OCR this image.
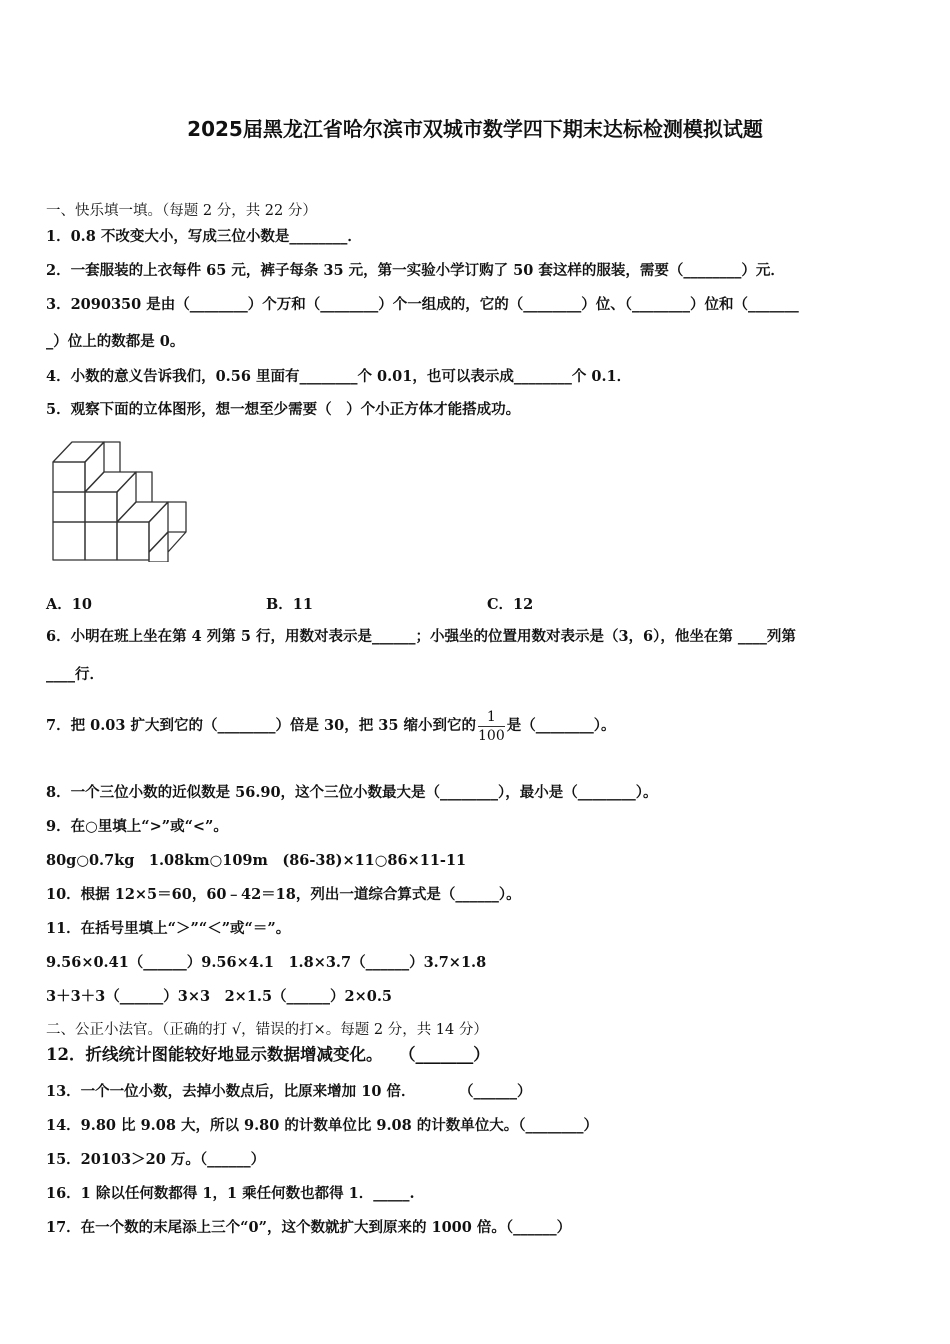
2025届黑龙江省哈尔滨市双城市数学四下期末达标检测模拟试题
一、快乐填一填。（每题 2 分，共 22 分）
1．0.8 不改变大小，写成三位小数是________．
2．一套服装的上衣每件 65 元，裤子每条 35 元，第一实验小学订购了 50 套这样的服装，需要（________）元．
3．2090350 是由（________）个万和（________）个一组成的，它的（________）位、（________）位和（_______
_）位上的数都是 0。
4．小数的意义告诉我们，0.56 里面有________个 0.01，也可以表示成________个 0.1．
5．观察下面的立体图形，想一想至少需要（　）个小正方体才能搭成功。
A．10	B．11	C．12
6．小明在班上坐在第 4 列第 5 行，用数对表示是______；小强坐的位置用数对表示是（3，6），他坐在第 ____列第
____行．
7．把 0.03 扩大到它的（________）倍是 30，把 35 缩小到它的 $\frac{1}{100}$ 是（________）。
8．一个三位小数的近似数是 56.90，这个三位小数最大是（________），最小是（________）。
9．在○里填上“>”或“<”。
80g○0.7kg　1.08km○109m　(86-38)×11○86×11-11
10．根据 12×5＝60，60﹣42＝18，列出一道综合算式是（______）。
11．在括号里填上“＞”“＜”或“＝”。
9.56×0.41（______）9.56×4.1　1.8×3.7（______）3.7×1.8
3＋3＋3（______）3×3　2×1.5（______）2×0.5
二、公正小法官。（正确的打 √，错误的打×。每题 2 分，共 14 分）
12．折线统计图能较好地显示数据增减变化。　　（_______）
13．一个一位小数，去掉小数点后，比原来增加 10 倍．　　　　（______）
14．9.80 比 9.08 大，所以 9.80 的计数单位比 9.08 的计数单位大。（________）
15．20103＞20 万。（______）
16．1 除以任何数都得 1，1 乘任何数也都得 1．_____.
17．在一个数的末尾添上三个“0”，这个数就扩大到原来的 1000 倍。（______）
